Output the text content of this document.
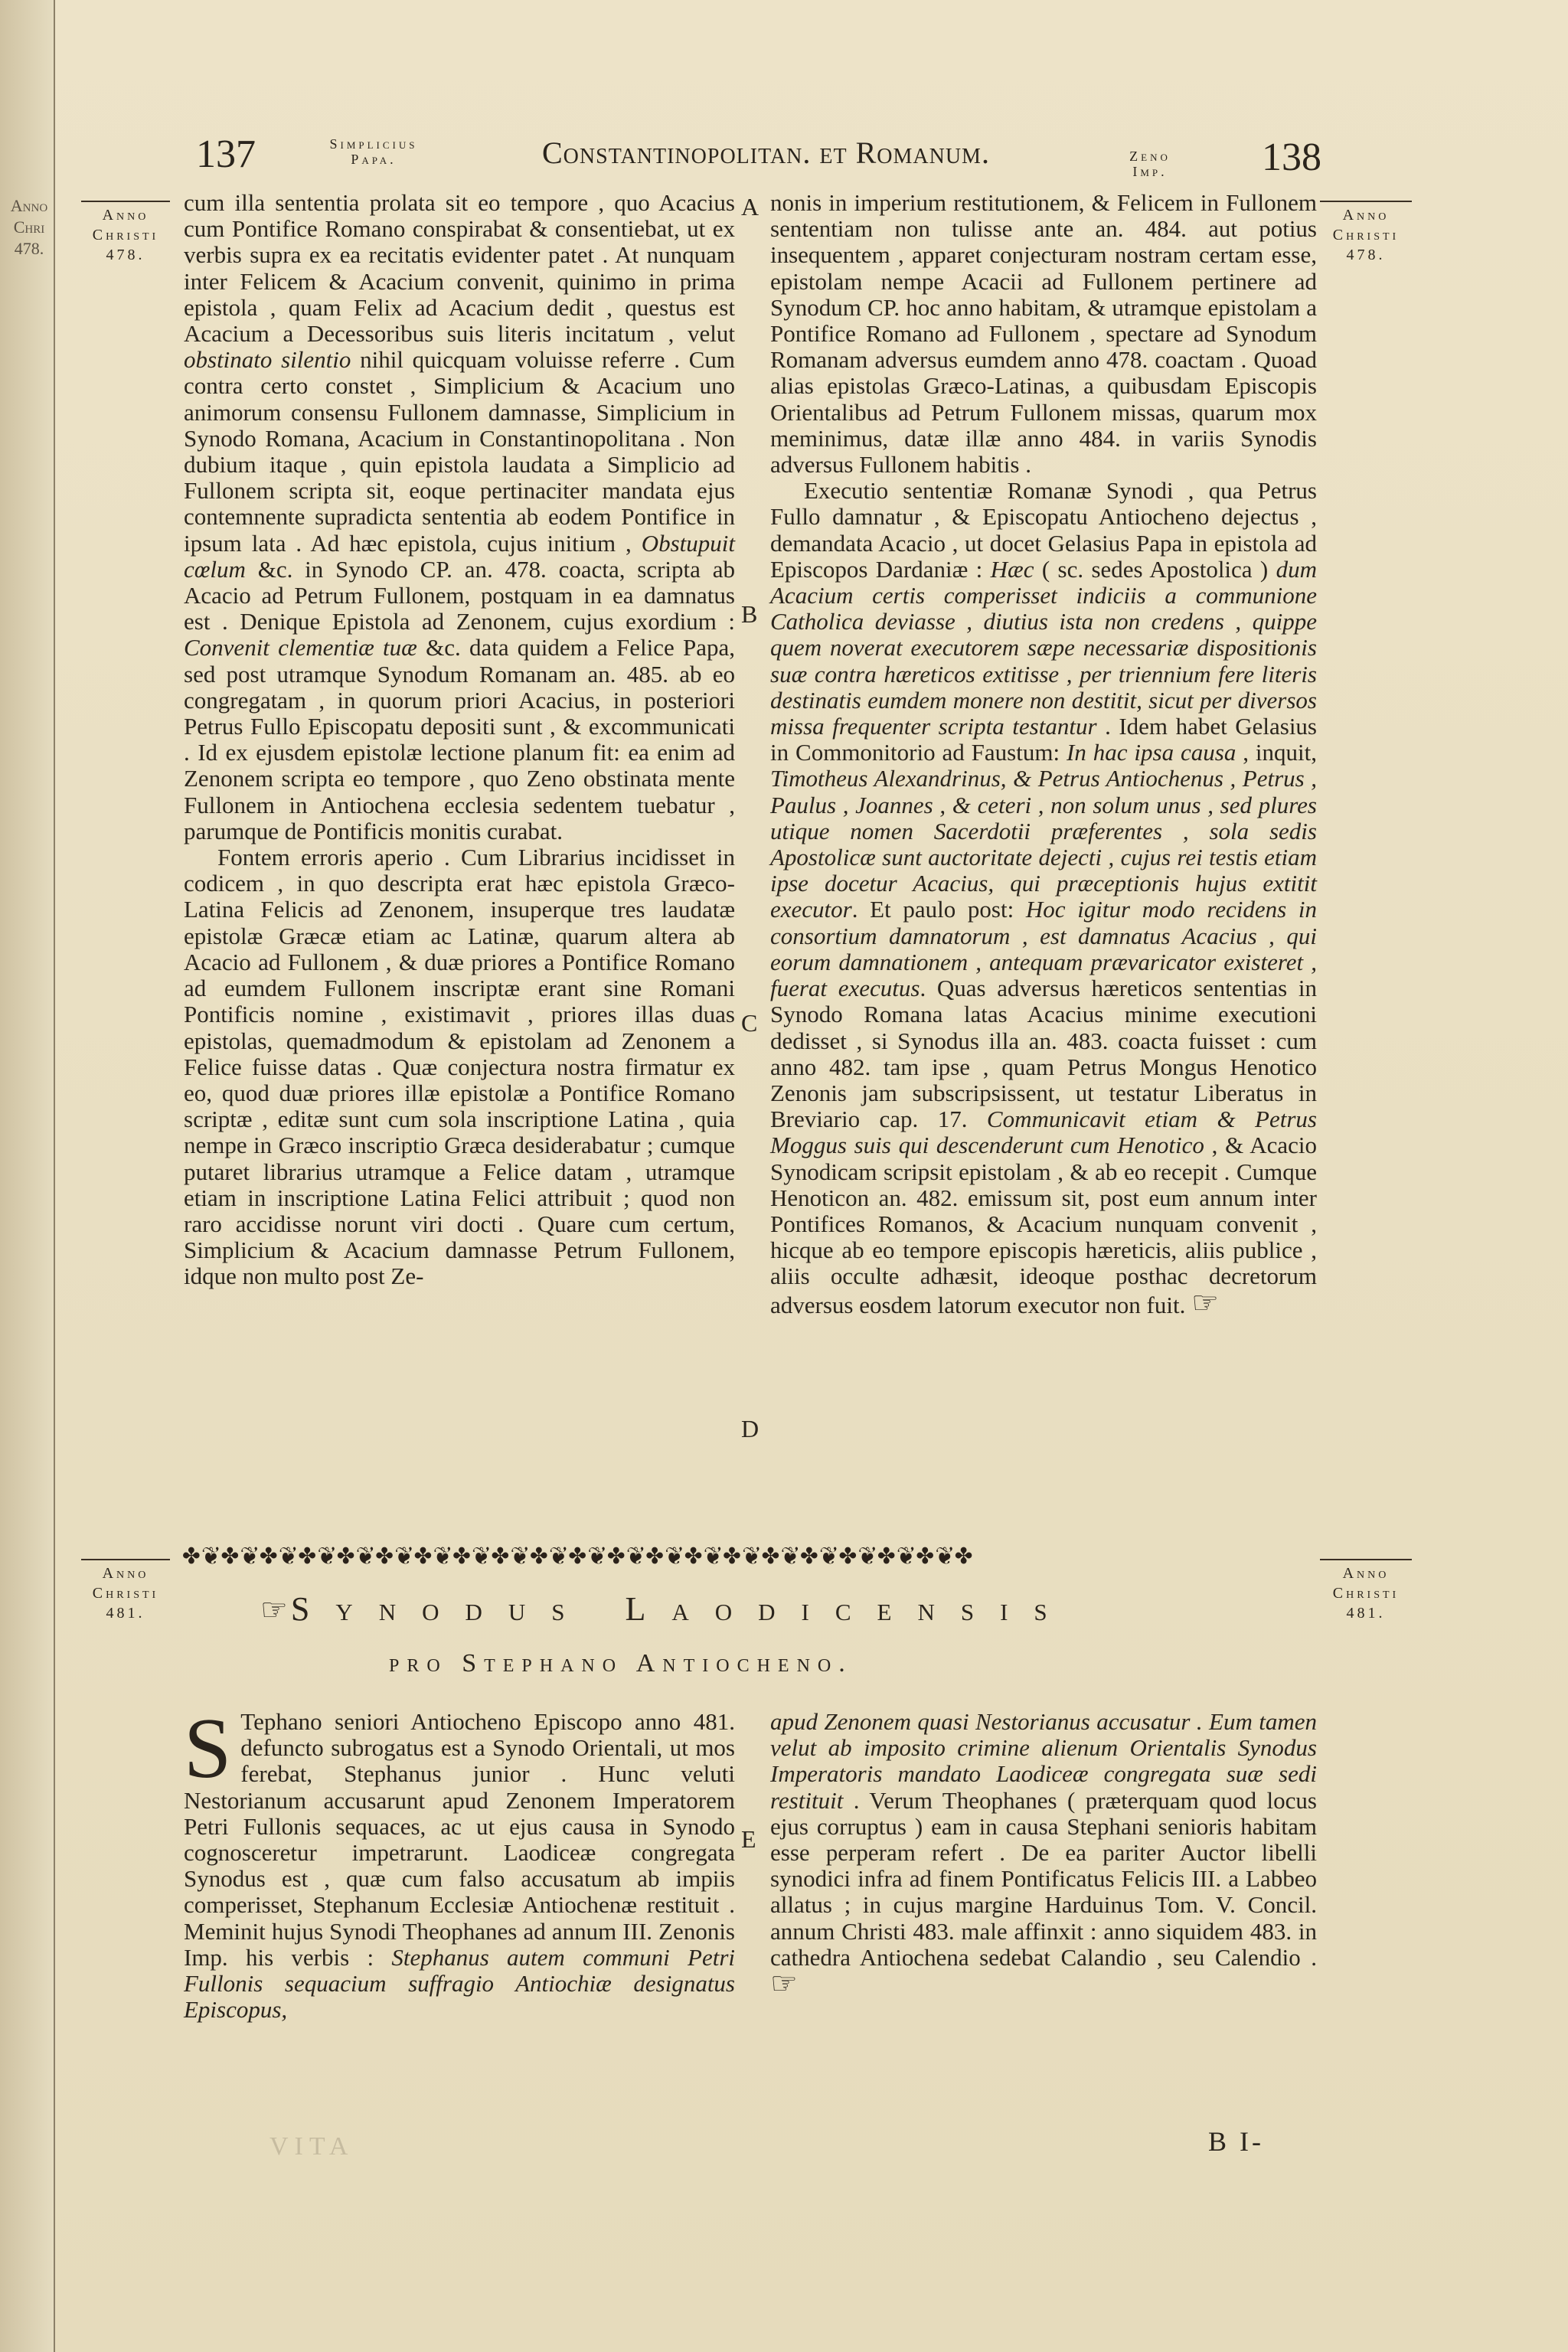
Anno
Chri
478.
137	Simplicius
Papa.	Constantinopolitan. et Romanum.	Zeno
Imp.	138
Anno
Christi
478.
Anno
Christi
478.
A
B
C
D
E

cum illa sententia prolata sit eo tempore , quo Acacius cum Pontifice Romano conspirabat & consentiebat, ut ex verbis supra ex ea recitatis evidenter patet . At nunquam inter Felicem & Acacium convenit, quinimo in prima epistola , quam Felix ad Acacium dedit , questus est Acacium a Decessoribus suis literis incitatum , velut obstinato silentio nihil quicquam voluisse referre . Cum contra certo constet , Simplicium & Acacium uno animorum consensu Fullonem damnasse, Simplicium in Synodo Romana, Acacium in Constantinopolitana . Non dubium itaque , quin epistola laudata a Simplicio ad Fullonem scripta sit, eoque pertinaciter mandata ejus contemnente supradicta sententia ab eodem Pontifice in ipsum lata . Ad hæc epistola, cujus initium , Obstupuit cœlum &c. in Synodo CP. an. 478. coacta, scripta ab Acacio ad Petrum Fullonem, postquam in ea damnatus est . Denique Epistola ad Zenonem, cujus exordium : Convenit clementiæ tuæ &c. data quidem a Felice Papa, sed post utramque Synodum Romanam an. 485. ab eo congregatam , in quorum priori Acacius, in posteriori Petrus Fullo Episcopatu depositi sunt , & excommunicati . Id ex ejusdem epistolæ lectione planum fit: ea enim ad Zenonem scripta eo tempore , quo Zeno obstinata mente Fullonem in Antiochena ecclesia sedentem tuebatur , parumque de Pontificis monitis curabat.

Fontem erroris aperio . Cum Librarius incidisset in codicem , in quo descripta erat hæc epistola Græco-Latina Felicis ad Zenonem, insuperque tres laudatæ epistolæ Græcæ etiam ac Latinæ, quarum altera ab Acacio ad Fullonem , & duæ priores a Pontifice Romano ad eumdem Fullonem inscriptæ erant sine Romani Pontificis nomine , existimavit , priores illas duas epistolas, quemadmodum & epistolam ad Zenonem a Felice fuisse datas . Quæ conjectura nostra firmatur ex eo, quod duæ priores illæ epistolæ a Pontifice Romano scriptæ , editæ sunt cum sola inscriptione Latina , quia nempe in Græco inscriptio Græca desiderabatur ; cumque putaret librarius utramque a Felice datam , utramque etiam in inscriptione Latina Felici attribuit ; quod non raro accidisse norunt viri docti . Quare cum certum, Simplicium & Acacium damnasse Petrum Fullonem, idque non multo post Ze-

nonis in imperium restitutionem, & Felicem in Fullonem sententiam non tulisse ante an. 484. aut potius insequentem , apparet conjecturam nostram certam esse, epistolam nempe Acacii ad Fullonem pertinere ad Synodum CP. hoc anno habitam, & utramque epistolam a Pontifice Romano ad Fullonem , spectare ad Synodum Romanam adversus eumdem anno 478. coactam . Quoad alias epistolas Græco-Latinas, a quibusdam Episcopis Orientalibus ad Petrum Fullonem missas, quarum mox meminimus, datæ illæ anno 484. in variis Synodis adversus Fullonem habitis .

Executio sententiæ Romanæ Synodi , qua Petrus Fullo damnatur , & Episcopatu Antiocheno dejectus , demandata Acacio , ut docet Gelasius Papa in epistola ad Episcopos Dardaniæ : Hæc ( sc. sedes Apostolica ) dum Acacium certis comperisset indiciis a communione Catholica deviasse , diutius ista non credens , quippe quem noverat executorem sæpe necessariæ dispositionis suæ contra hæreticos extitisse , per triennium fere literis destinatis eumdem monere non destitit, sicut per diversos missa frequenter scripta testantur . Idem habet Gelasius in Commonitorio ad Faustum: In hac ipsa causa , inquit, Timotheus Alexandrinus, & Petrus Antiochenus , Petrus , Paulus , Joannes , & ceteri , non solum unus , sed plures utique nomen Sacerdotii præferentes , sola sedis Apostolicæ sunt auctoritate dejecti , cujus rei testis etiam ipse docetur Acacius, qui præceptionis hujus extitit executor. Et paulo post: Hoc igitur modo recidens in consortium damnatorum , est damnatus Acacius , qui eorum damnationem , antequam prævaricator existeret , fuerat executus. Quas adversus hæreticos sententias in Synodo Romana latas Acacius minime executioni dedisset , si Synodus illa an. 483. coacta fuisset : cum anno 482. tam ipse , quam Petrus Mongus Henotico Zenonis jam subscripsissent, ut testatur Liberatus in Breviario cap. 17. Communicavit etiam & Petrus Moggus suis qui descenderunt cum Henotico , & Acacio Synodicam scripsit epistolam , & ab eo recepit . Cumque Henoticon an. 482. emissum sit, post eum annum inter Pontifices Romanos, & Acacium nunquam convenit , hicque ab eo tempore episcopis hæreticis, aliis publice , aliis occulte adhæsit, ideoque posthac decretorum adversus eosdem latorum executor non fuit. ☞

𝆀✤❦✤❦✤❦✤❦✤❦✤❦✤❦✤❦✤❦✤❦✤❦✤❦✤❦✤❦✤❦✤❦✤❦✤❦✤❦✤❦✤
Anno
Christi
481.
Anno
Christi
481.
☞ Synodus Laodicensis
pro Stephano Antiocheno.

S Tephano seniori Antiocheno Episcopo anno 481. defuncto subrogatus est a Synodo Orientali, ut mos ferebat, Stephanus junior . Hunc veluti Nestorianum accusarunt apud Zenonem Imperatorem Petri Fullonis sequaces, ac ut ejus causa in Synodo cognosceretur impetrarunt. Laodiceæ congregata Synodus est , quæ cum falso accusatum ab impiis comperisset, Stephanum Ecclesiæ Antiochenæ restituit . Meminit hujus Synodi Theophanes ad annum III. Zenonis Imp. his verbis : Stephanus autem communi Petri Fullonis sequacium suffragio Antiochiæ designatus Episcopus,

apud Zenonem quasi Nestorianus accusatur . Eum tamen velut ab imposito crimine alienum Orientalis Synodus Imperatoris mandato Laodiceæ congregata suæ sedi restituit . Verum Theophanes ( præterquam quod locus ejus corruptus ) eam in causa Stephani senioris habitam esse perperam refert . De ea pariter Auctor libelli synodici infra ad finem Pontificatus Felicis III. a Labbeo allatus ; in cujus margine Harduinus Tom. V. Concil. annum Christi 483. male affinxit : anno siquidem 483. in cathedra Antiochena sedebat Calandio , seu Calendio . ☞

VITA	B I-
